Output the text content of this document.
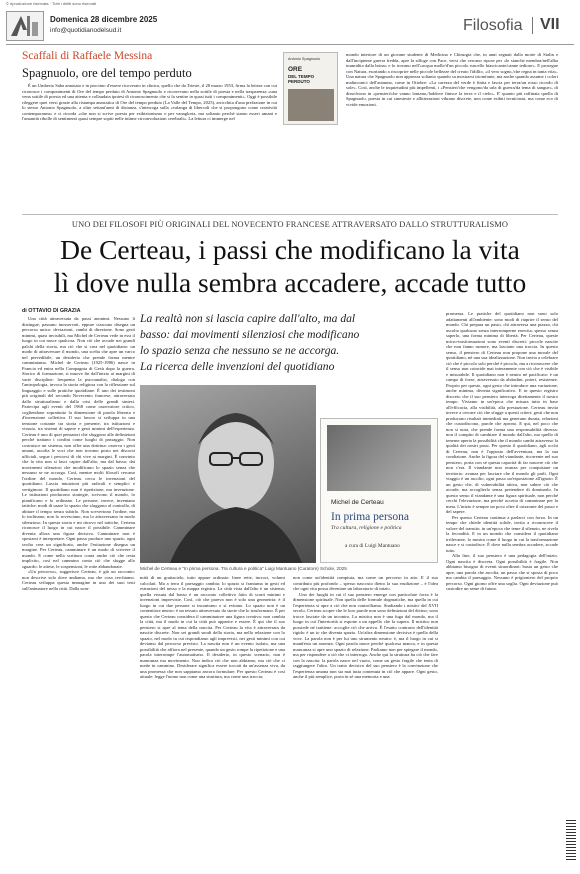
© riproduzione riservata · Tutti i diritti sono riservati
Domenica 28 dicembre 2025
info@quotidianodelsud.it	Filosofia VII
Scaffali di Raffaele Messina
Spagnuolo, ore del tempo perduto
È un Umberto Saba annoiato e in procinto d'essere ricoverato in clinica, quello che da Trieste, il 28 marzo 1953, firma la lettera con cui riconosce i componimenti di Ore del tempo perduto di Antonio Spagnuolo e ricorrevano nella sottile di poesia e nella trasparenza «una vena sottile di poesia ed una attenta e collaudata ipotesi di riconoscimento che si fa sentire in quasi tutti i componimenti». Oggi è possibile rileggere quei versi grazie alla ristampa anastatica di Ore del tempo perduto (La Valle del Tempo, 2025), arricchita d'una prefazione in cui lo stesso Antonio Spagnuolo, a oltre settant'anni di distanza, s'interroga sulla «valanga di libercoli che si propongono come creatività contemporanea» e ci ricorda «che non si scrive poesia per esibizionismo o per vanagloria, ma soltanto perché siamo esseri umani e l'umanità ribolle di sentimenti quasi sempre sopiti nelle intime circonvoluzioni cerebrali». La lettura ci immerge nel
Antonio Spagnuolo
ORE
DEL TEMPO PERDUTO
mondo interiore di un giovane studente di Medicina e Chirurgia che, in anni segnati dalla morte di Stalin e dall'incipiente guerra fredda, apre la silloge con Pace, versi che cercano ripose per «le stanche membra/nell'alba inumidita dalla brina» e lo trovano nell'«acqua molle/d'un piccolo ruscello biascicante/canne tediose». E prosegue con Natura, esortando a riscoprire nelle piccole bellezze del creato l'idillio, «il vero sogno,/che regna in tanta vita». Una natura che Spagnuolo non apprezza soltanto quando sa mostrarsi triomfante, ma anche quando assume i colori malinconici dell'autunno, come in Ottobre: «La carezza del verde è finita e lascia per terra/un rosso ricordo di sole». Così, anche le inquietudini più impellenti, i «Pensieri/che vengono/da urla di guerra/da tema di sangue», di dissolvono in «pensieri/che vanno lontano,/laddove finisce la terra e il cielo». E' quanto più raffinata quella di Spagnuolo, poesia in cui sinestesie e allitterazioni vibrano discrete, non come esibiti tecnicismi, ma come eco di vivide emozioni.
UNO DEI FILOSOFI PIÙ ORIGINALI DEL NOVECENTO FRANCESE ATTRAVERSATO DALLO STRUTTURALISMO
De Certeau, i passi che modificano la vita
lì dove nulla sembra accadere, accade tutto
di OTTAVIO DI GRAZIA
Una città attraversata da passi anonimi. Nessuno li distingue, passano inosservati, eppure ciascuno disegna un percorso unico: deviazioni, cambi di direzione. Sono gesti minimi, quasi invisibili, ma Michel de Certeau vede in essi il luogo in cui nasce qualcosa. Non ciò che accade nei grandi palchi della storia, ma ciò che si crea nel quotidiano: un modo di attraversare il mondo, una scelta che apre un varco nel prevedibile, un desiderio che prende forma mentre camminiamo. Michel de Certeau (1925-1986) nasce in Francia ed entra nella Compagnia di Gesù dopo la guerra. Storico di formazione, si muove fin dall'inizio ai margini di varie discipline: frequenta la psicoanalisi, dialoga con l'antropologia, invoca la storia religiosa con la riflessione sul linguaggio e sulle pratiche quotidiane. È uno dei testimoni più originali del secondo Novecento francese, attraversato dallo strutturalismo e dalla crisi delle grandi sintesi. Partecipa agli eventi del 1968 come osservatore critico, cogliendone soprattutto la dimensione di parola liberata e d'invenzione collettiva. Il suo lavoro si sviluppa in una tensione costante tra storia e presente, tra istituzioni e vissuto, tra sistemi di sapere e gesti minimi dell'esperienza. Certeau è uno di quei pensatori che sfuggono alle definizioni perché trattano i confini come luoghi di passaggio. Non costruisce un sistema, non offre una dottrina: osserva i gesti umani, ascolta le voci che non trovano posto nei discorsi ufficiali, segue i percorsi di chi vive ai margini. È convinto che la vita non si lasci capire dall'alto, ma dal basso; dai movimenti silenziosi che modificano lo spazio senza che nessuno se ne accorga. Così, mentre molti filosofi cercano l'ordine del mondo, Certeau cerca le invenzioni del quotidiano. Lascia intuizioni più radicali e semplici e vertiginose. Il quotidiano non è ripetizione, ma invenzione. Le istituzioni producono strategie, scrivono il mondo, lo pianificano e lo ordinano. Le persone, invece, inventano tattiche: modi di usare lo spazio che sfuggono al controllo, di abitare il tempo senza subirlo. Non sovvertono l'ordine, ma lo inclinano; non lo rovesciano, ma lo attraversano in modo silenzioso. In questa storia e mi ritrovo nel tattiche, Certeau riconosce il luogo in cui nasce il possibile. Camminare diventa allora una figura decisiva. Camminare non è spostarsi è interpretare. Ogni passo produce uno spazio, ogni svolta crea un significato, anche l'esitazione disegna un margine. Per Certeau, camminare è un modo di scrivere il mondo. E come nella scrittura conta anche ciò che resta implicito, così nel cammino conta ciò che sfugge allo sguardo: le attese, le sospensioni, le rotte abbandonate.
«Un percorso», suggerisce Certeau, è già un racconto: non descrive solo dove andiamo, ma che cosa cerchiamo. Certeau sviluppa questa immagine in uno dei suoi testi sull'animatore nella città. Dalla som-
La realtà non si lascia capire dall'alto, ma dal
basso: dai movimenti silenziosi che modificano
lo spazio senza che nessuno se ne accorga.
La ricerca delle invenzioni del quotidiano
Michel de Certeau
In prima persona
Tra cultura, religione e politica
a cura di Luigi Mantuano
Michel de Certeau e "In prima persona. Tra cultura e politica" Luigi Mantuano (Curatore) Schole, 2025
mità di un grattacielo, tutto appare ordinato: linee rette, incroci, volumi calcolati. Ma a terra il paesaggio cambia: lo spazio si frantuma in gesti ed estrazioni del nesso e la mappa registra. La città vista dall'alto è un sistema; quella vissuta dal basso è un racconto collettivo fatto di scarti minimi e invenzioni impreviste. Così, ciò che pareva non è solo una geometria: è il luogo in cui due persone si incontrano o si evitano. Lo spazio non è un contenitore neutro: è un tessuto attraversato da storie che lo trasformano. È per questo che Certeau considera il camminatore una figura creativa: non cambia la città, ma il modo in cui la città può apparire e essere. È qui che il suo pensiero si apre al tema della nascita. Per Certeau la vita è attraversata da nascite discrete. Non sei grandi snodi della storia, ma nella relazione con lo spazio, nel modo in cui rispondiamo agli imprevisti, nei gesti minimi con cui deviamo dal percorso previsto. La nascita non è un evento isolato, ma una possibilità che affiora nel presente, quando un gesto rompe la ripetizione e una parola interrompe l'automatismo. Il desiderio, in questo scenario, non è mancanza ma movimento. Non indica ciò che non abbiamo, ma ciò che ci mette in cammino. Desiderare significa essere toccati da un'assenza viva, da una promessa che non sappiamo ancora formulare. Per questo Certeau è così attuale: legge l'uomo non come una struttura, ma come una traccia;
non come un'identità compiuta, ma come un percorso in atto. E il suo contributo più profondo – spesso nascosto dietro la sua erudizione – è l'idea che ogni vita possa diventare un laboratorio di inizio.
Uno dei luoghi in cui il suo pensiero emerge con particolare forza è la dimensione spirituale. Non quella delle formule dogmatiche, ma quella in cui l'esperienza si apre a ciò che non controlliamo. Studiando i mistici del XVII secolo, Certeau scopre che le loro parole non sono definizioni del divino; sono tracce lasciate da un incontro. La mistica non è una fuga dal mondo, ma il luogo in cui l'interiorità si espone a un appello che la supera. Il mistico non possiede né trattiene: accoglie ciò che arriva. È l'esatto contrario dell'identità rigida: è un io che diventa spazio. Un'altra dimensione decisiva è quella della voce. La parola non è per lui uno strumento neutro: è, ma il luogo in cui si manifesta un assenza. Ogni parola nasce perché qualcosa manca, e in questa mancanza si apre uno spazio di relazione. Parliamo non per spiegare il mondo, ma per rispondere a ciò che ci interroga. Anche qui la struttura ha ciò che fare con la nascita: la parola nasce nel vuoto, come un gesto fragile che tenta di raggiungere l'altro. Un tratto decisivo del suo pensiero è la convinzione che l'esperienza umana non sia mai tutta contenuta in ciò che appare. Ogni gesto, anche il più semplice, porta in sé una memoria e una
promessa. Le pratiche del quotidiano non sono solo adattamenti all'ambiente: sono modi di riaprire il senso del mondo. Chi prepara un pasto, chi attraversa una piazza, chi ascolta qualcuno senza interromperne esercita, spesso senza saperlo, una forma minima di libertà. Per Certeau, queste micro-trasformazioni sono eventi discreti: piccole nascite che non fanno rumore, ma lasciano una traccia. In questo senso, il pensiero di Certeau non propone una morale del quotidiano, né una sua idealizzazione. Non invita a celebrare ciò che è piccolo solo perché è piccolo, ma a riconoscere che il senso non coincide mai interamente con ciò che è visibile e misurabile. Il quotidiano non è neutro né pacificato: è un campo di forze, attraversato da abitudini, poteri, resistenze. Proprio per questo, ogni gesto che introduce una variazione, anche minima, diventa significativo. E in questo registro discreto che il suo pensiero interroga direttamente il nostro tempo. Viviamo in un'epoca che misura tutto in base all'efficacia, alla visibilità, alla prestazione. Certeau invita invece a cercare ciò che sfugge a questi criteri: gesti che non producono risultati immediati ma generano durata, relazioni che custodiscono, parole che aprono. E qui, nel poco che non si nota, che prende forma una responsabilità diversa: non il compito di cambiare il mondo dall'alto, ma quello di tenerne aperta la possibilità che il mondo cambi attraverso la qualità dei nostri passi. Per questo il quotidiano, agli occhi di Certeau, non è l'opposto dell'avventura, ma la sua condizione. Anche la figura del viandante, ricorrente nel suo pensiero, porta con sé questa capacità di far nascere ciò che non c'era. Il viandante non avanza per conquistare un territorio: avanza per lasciare che il mondo gli parli. Ogni viaggio è un ascolto, ogni passo un'esposizione all'ignoto. È un gesto che, di vulnerabilità attiva, non subire ciò che accade, ma accoglierlo senza pretendere di dominarlo. In questo senso il viandante è una figura spirituale, non perché cerchi l'elevazione, ma perché accetta di camminare per la meta. L'inizio è sempre un poco oltre il orizzonte del passo e del sapere.
Per questo Certeau continua a parlarci con forza. In un tempo che chiede identità solide, invita a riconoscere il valore del transito; in un'epoca che teme il silenzio, ne rivela la fecondità. E in un mondo che considera il quotidiano irrilevante, lo mostra come il luogo in cui la trasformazione nasce e si custodisce. È dove nulla sembra accadere, accade tutto.
Alla fine, il suo pensiero è una pedagogia dell'inizio. Ogni nascita è discreta. Ogni possibilità è fragile. Non abbiamo bisogno di eventi straordinari: basta un gesto che apre, una parola che ascolta, un passo che si sposta di poco ma cambia il paesaggio. Nessuno è prigioniero del proprio percorso. Ogni giorno offre una soglia. Ogni deviazione può custodire un seme di futuro.
